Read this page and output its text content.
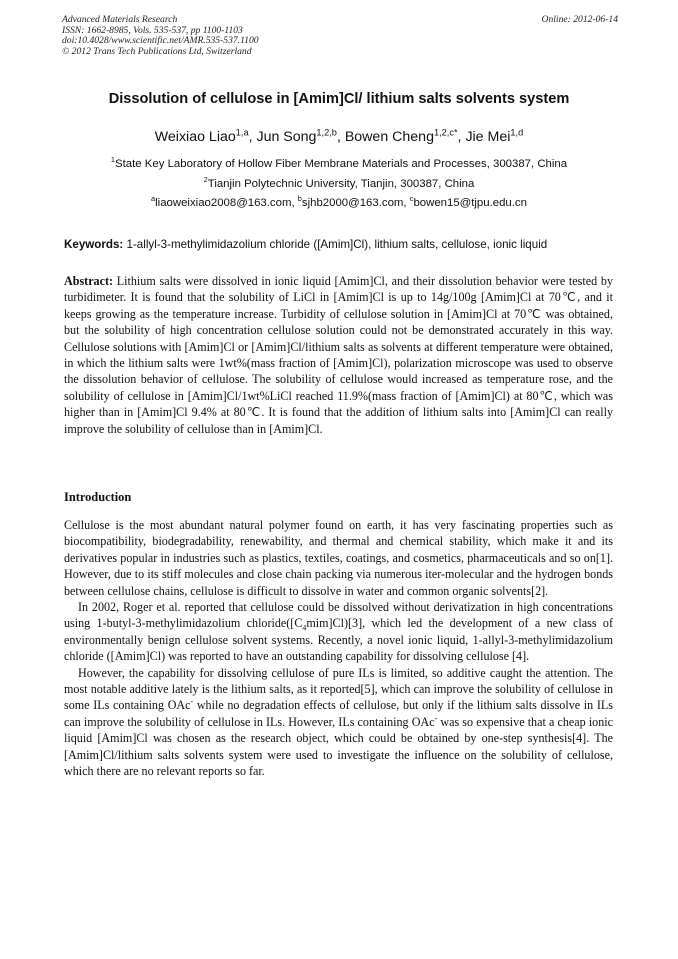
Advanced Materials Research
ISSN: 1662-8985, Vols. 535-537, pp 1100-1103
doi:10.4028/www.scientific.net/AMR.535-537.1100
© 2012 Trans Tech Publications Ltd, Switzerland
Online: 2012-06-14
Dissolution of cellulose in [Amim]Cl/ lithium salts solvents system
Weixiao Liao$^{1,a}$, Jun Song$^{1,2,b}$, Bowen Cheng$^{1,2,c*}$, Jie Mei$^{1,d}$
$^1$State Key Laboratory of Hollow Fiber Membrane Materials and Processes, 300387, China
$^2$Tianjin Polytechnic University, Tianjin, 300387, China
$^a$liaoweixiao2008@163.com, $^b$sjhb2000@163.com, $^c$bowen15@tjpu.edu.cn
Keywords: 1-allyl-3-methylimidazolium chloride ([Amim]Cl), lithium salts, cellulose, ionic liquid
Abstract: Lithium salts were dissolved in ionic liquid [Amim]Cl, and their dissolution behavior were tested by turbidimeter. It is found that the solubility of LiCl in [Amim]Cl is up to 14g/100g [Amim]Cl at 70℃, and it keeps growing as the temperature increase. Turbidity of cellulose solution in [Amim]Cl at 70℃ was obtained, but the solubility of high concentration cellulose solution could not be demonstrated accurately in this way. Cellulose solutions with [Amim]Cl or [Amim]Cl/lithium salts as solvents at different temperature were obtained, in which the lithium salts were 1wt%(mass fraction of [Amim]Cl), polarization microscope was used to observe the dissolution behavior of cellulose. The solubility of cellulose would increased as temperature rose, and the solubility of cellulose in [Amim]Cl/1wt%LiCl reached 11.9%(mass fraction of [Amim]Cl) at 80℃, which was higher than in [Amim]Cl 9.4% at 80℃. It is found that the addition of lithium salts into [Amim]Cl can really improve the solubility of cellulose than in [Amim]Cl.
Introduction

Cellulose is the most abundant natural polymer found on earth, it has very fascinating properties such as biocompatibility, biodegradability, renewability, and thermal and chemical stability, which make it and its derivatives popular in industries such as plastics, textiles, coatings, and cosmetics, pharmaceuticals and so on[1]. However, due to its stiff molecules and close chain packing via numerous iter-molecular and the hydrogen bonds between cellulose chains, cellulose is difficult to dissolve in water and common organic solvents[2].

In 2002, Roger et al. reported that cellulose could be dissolved without derivatization in high concentrations using 1-butyl-3-methylimidazolium $chloride([C_4mim]Cl)[3]$, which led the development of a new class of environmentally benign cellulose solvent systems. Recently, a novel ionic liquid, 1-allyl-3-methylimidazolium chloride ([Amim]Cl) was reported to have an outstanding capability for dissolving cellulose [4].

However, the capability for dissolving cellulose of pure ILs is limited, so additive caught the attention. The most notable additive lately is the lithium salts, as it reported[5], which can improve the solubility of cellulose in some ILs containing OAc- while no degradation effects of cellulose, but only if the lithium salts dissolve in ILs can improve the solubility of cellulose in ILs. However, ILs containing OAc- was so expensive that a cheap ionic liquid [Amim]Cl was chosen as the research object, which could be obtained by one-step synthesis[4]. The [Amim]Cl/lithium salts solvents system were used to investigate the influence on the solubility of cellulose, which there are no relevant reports so far.
